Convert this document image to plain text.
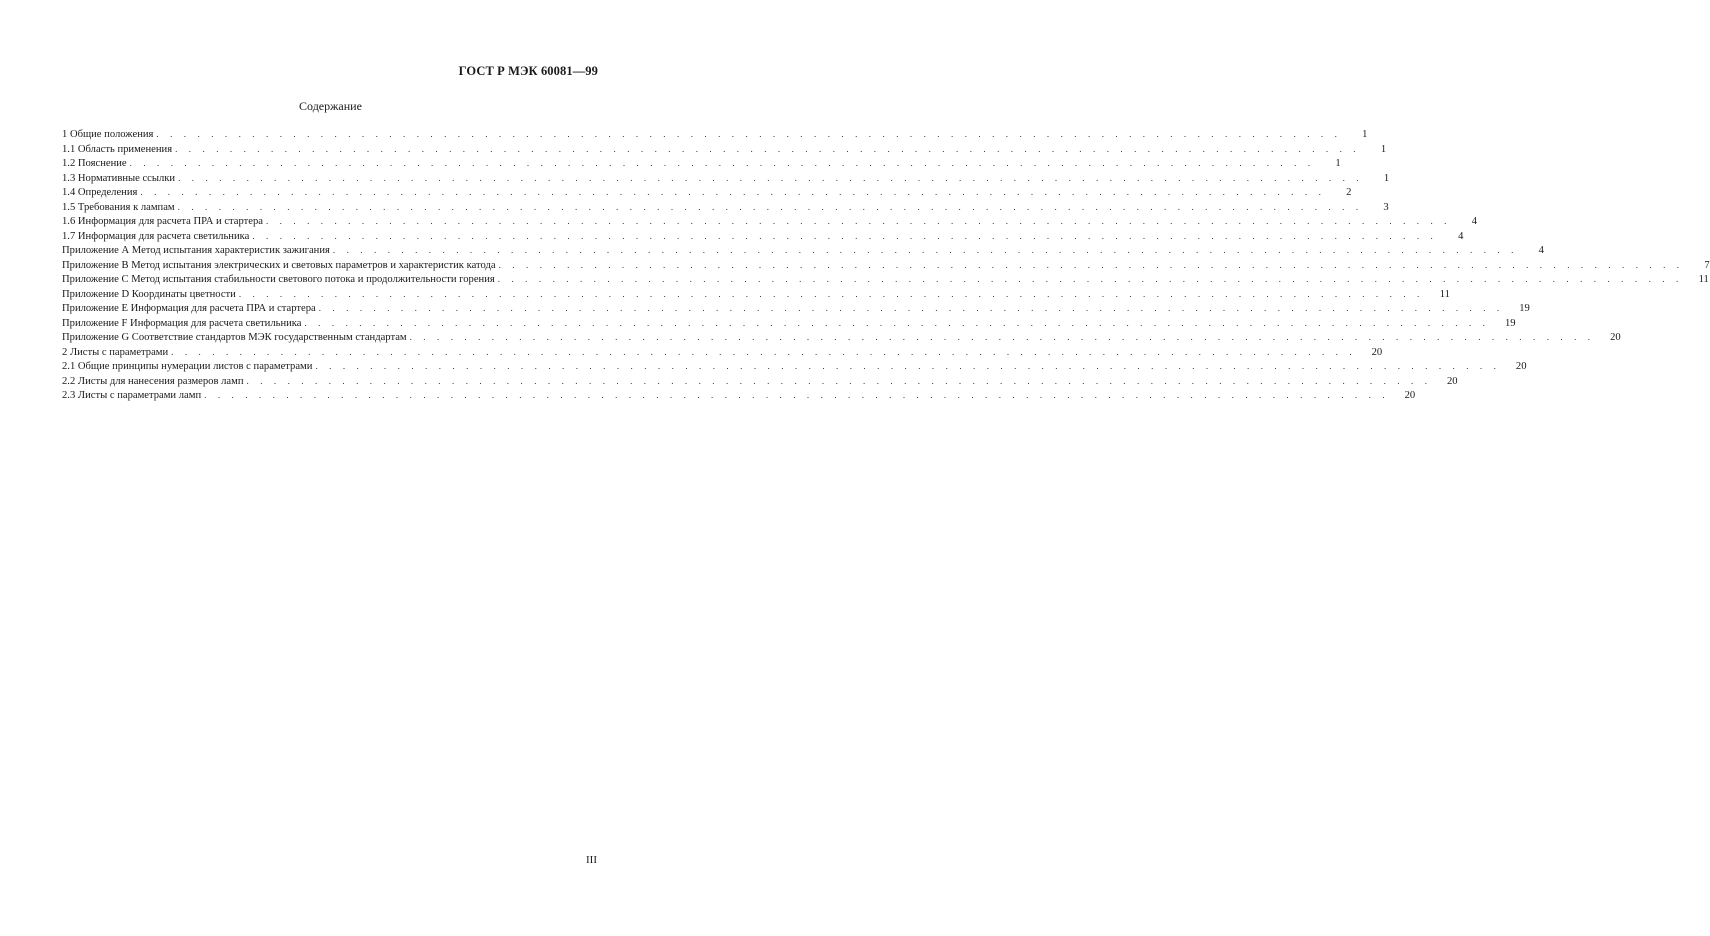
ГОСТ Р МЭК 60081—99
Содержание
1 Общие положения . . . . . . . . . . . . . . . . . . . . . . . . . . . . . . . . . . . . . . . . . . . . . . . . . . . . . . . . . . . . . . . . . . . . . . . . . . . . . . . . . . . . . . .	1
1.1 Область применения . . . . . . . . . . . . . . . . . . . . . . . . . . . . . . . . . . . . . . . . . . . . . . . . . . . . . . . . . . . . . . . . . . . . . . . . . . . . . . . . . . . . . . .	1
1.2 Пояснение . . . . . . . . . . . . . . . . . . . . . . . . . . . . . . . . . . . . . . . . . . . . . . . . . . . . . . . . . . . . . . . . . . . . . . . . . . . . . . . . . . . . . . .	1
1.3 Нормативные ссылки . . . . . . . . . . . . . . . . . . . . . . . . . . . . . . . . . . . . . . . . . . . . . . . . . . . . . . . . . . . . . . . . . . . . . . . . . . . . . . . . . . . . . . .	1
1.4 Определения . . . . . . . . . . . . . . . . . . . . . . . . . . . . . . . . . . . . . . . . . . . . . . . . . . . . . . . . . . . . . . . . . . . . . . . . . . . . . . . . . . . . . . .	2
1.5 Требования к лампам . . . . . . . . . . . . . . . . . . . . . . . . . . . . . . . . . . . . . . . . . . . . . . . . . . . . . . . . . . . . . . . . . . . . . . . . . . . . . . . . . . . . . . .	3
1.6 Информация для расчета ПРА и стартера . . . . . . . . . . . . . . . . . . . . . . . . . . . . . . . . . . . . . . . . . . . . . . . . . . . . . . . . . . . . . . . . . . . . . . . . . . . . . . . . . . . . . . .	4
1.7 Информация для расчета светильника . . . . . . . . . . . . . . . . . . . . . . . . . . . . . . . . . . . . . . . . . . . . . . . . . . . . . . . . . . . . . . . . . . . . . . . . . . . . . . . . . . . . . . .	4
Приложение А Метод испытания характеристик зажигания . . . . . . . . . . . . . . . . . . . . . . . . . . . . . . . . . . . . . . . . . . . . . . . . . . . . . . . . . . . . . . . . . . . . . . . . . . . . . . . . . . . . . . .	4
Приложение В Метод испытания электрических и световых параметров и характеристик катода . . . . . . . . . . . . . . . . . . . . . . . . . . . . . . . . . . . . . . . . . . . . . . . . . . . . . . . . . . . . . . . . . . . . . . . . . . . . . . . . . . . . . . .	7
Приложение С Метод испытания стабильности светового потока и продолжительности горения . . . . . . . . . . . . . . . . . . . . . . . . . . . . . . . . . . . . . . . . . . . . . . . . . . . . . . . . . . . . . . . . . . . . . . . . . . . . . . . . . . . . . . .	11
Приложение D Координаты цветности . . . . . . . . . . . . . . . . . . . . . . . . . . . . . . . . . . . . . . . . . . . . . . . . . . . . . . . . . . . . . . . . . . . . . . . . . . . . . . . . . . . . . . .	11
Приложение Е Информация для расчета ПРА и стартера . . . . . . . . . . . . . . . . . . . . . . . . . . . . . . . . . . . . . . . . . . . . . . . . . . . . . . . . . . . . . . . . . . . . . . . . . . . . . . . . . . . . . . .	19
Приложение F Информация для расчета светильника . . . . . . . . . . . . . . . . . . . . . . . . . . . . . . . . . . . . . . . . . . . . . . . . . . . . . . . . . . . . . . . . . . . . . . . . . . . . . . . . . . . . . . .	19
Приложение G Соответствие стандартов МЭК государственным стандартам . . . . . . . . . . . . . . . . . . . . . . . . . . . . . . . . . . . . . . . . . . . . . . . . . . . . . . . . . . . . . . . . . . . . . . . . . . . . . . . . . . . . . . .	20
2 Листы с параметрами . . . . . . . . . . . . . . . . . . . . . . . . . . . . . . . . . . . . . . . . . . . . . . . . . . . . . . . . . . . . . . . . . . . . . . . . . . . . . . . . . . . . . . .	20
2.1 Общие принципы нумерации листов с параметрами . . . . . . . . . . . . . . . . . . . . . . . . . . . . . . . . . . . . . . . . . . . . . . . . . . . . . . . . . . . . . . . . . . . . . . . . . . . . . . . . . . . . . . .	20
2.2 Листы для нанесения размеров ламп . . . . . . . . . . . . . . . . . . . . . . . . . . . . . . . . . . . . . . . . . . . . . . . . . . . . . . . . . . . . . . . . . . . . . . . . . . . . . . . . . . . . . . .	20
2.3 Листы с параметрами ламп . . . . . . . . . . . . . . . . . . . . . . . . . . . . . . . . . . . . . . . . . . . . . . . . . . . . . . . . . . . . . . . . . . . . . . . . . . . . . . . . . . . . . . .	20
III
